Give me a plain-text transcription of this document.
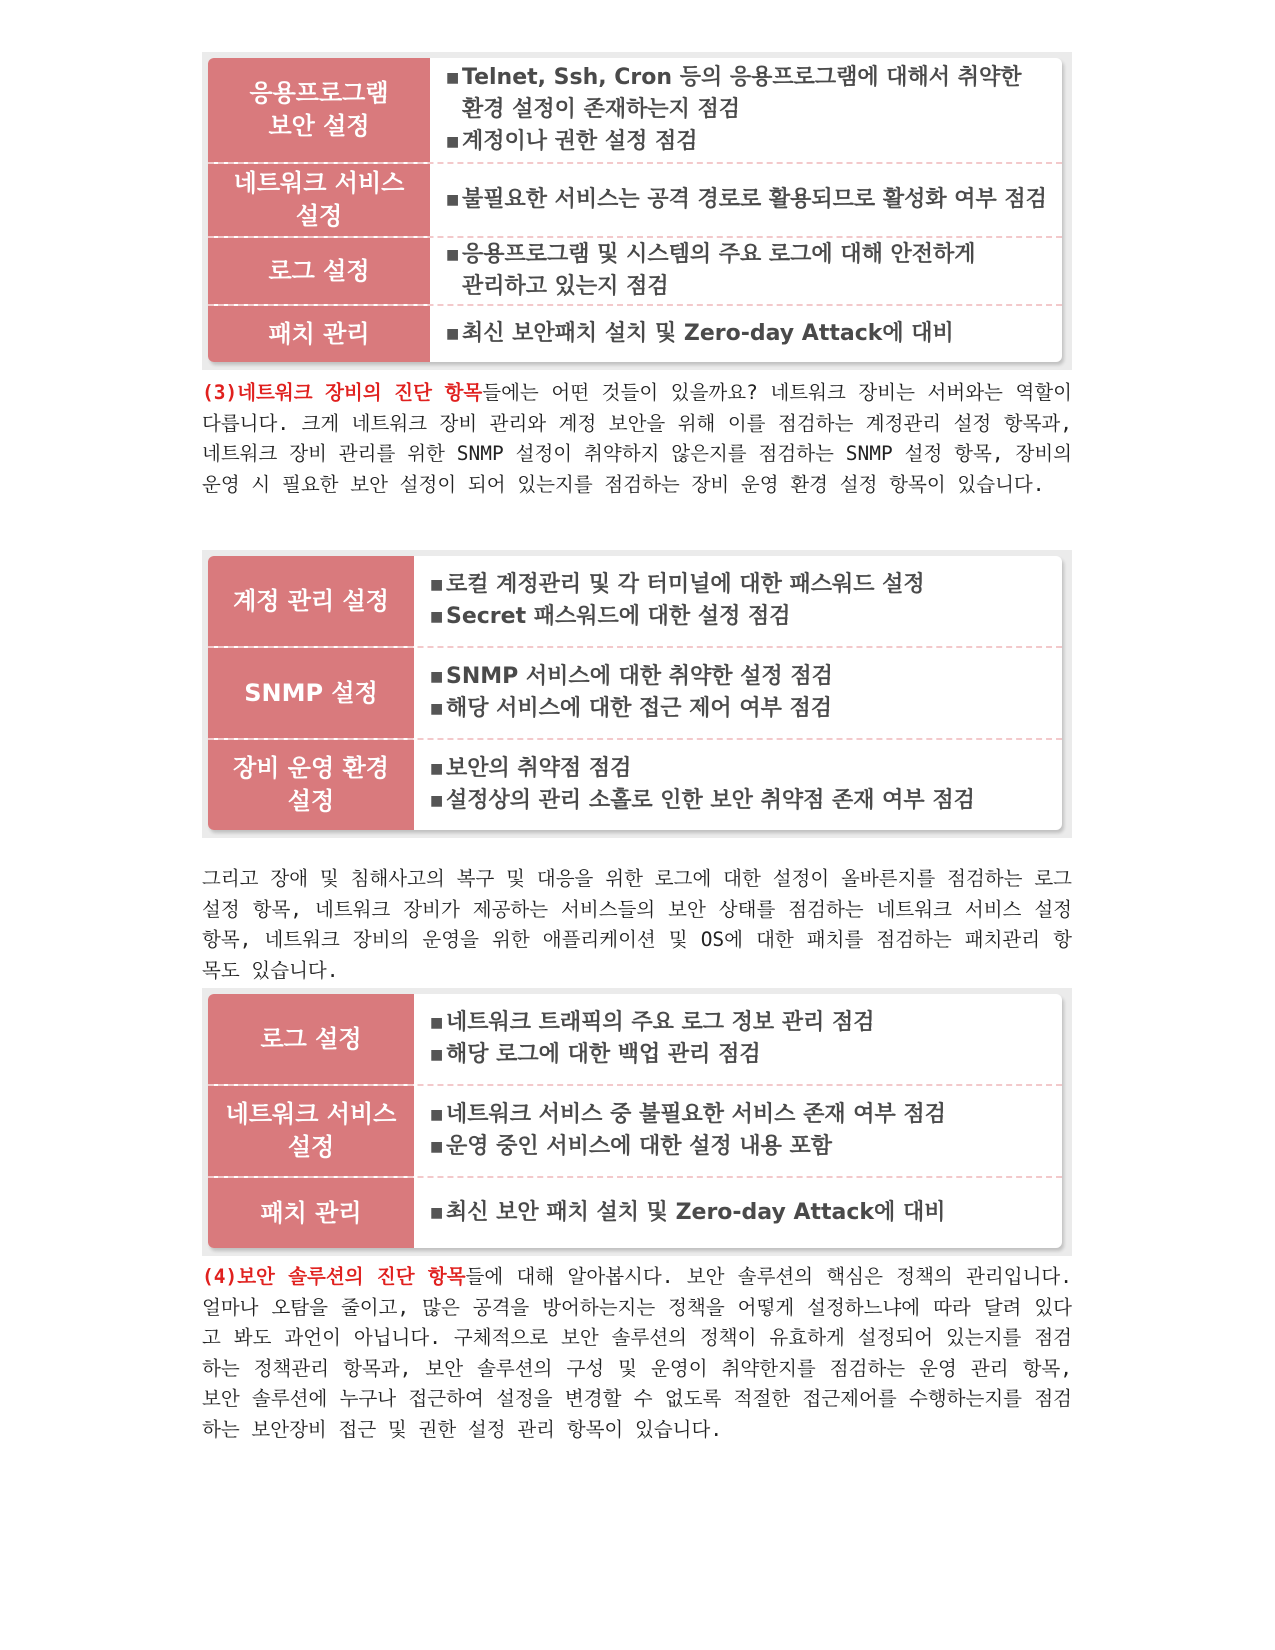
응용프로그램
보안 설정
■ Telnet, Ssh, Cron 등의 응용프로그램에 대해서 취약한
환경 설정이 존재하는지 점검
■ 계정이나 권한 설정 점검
네트워크 서비스
설정
■ 불필요한 서비스는 공격 경로로 활용되므로 활성화 여부 점검
로그 설정
■ 응용프로그램 및 시스템의 주요 로그에 대해 안전하게
관리하고 있는지 점검
패치 관리	■ 최신 보안패치 설치 및 Zero-day Attack에 대비

(3)네트워크 장비의 진단 항목들에는 어떤 것들이 있을까요? 네트워크 장비는 서버와는 역할이 다릅니다. 크게 네트워크 장비 관리와 계정 보안을 위해 이를 점검하는 계정관리 설정 항목과, 네트워크 장비 관리를 위한 SNMP 설정이 취약하지 않은지를 점검하는 SNMP 설정 항목, 장비의 운영 시 필요한 보안 설정이 되어 있는지를 점검하는 장비 운영 환경 설정 항목이 있습니다.

계정 관리 설정
■ 로컬 계정관리 및 각 터미널에 대한 패스워드 설정
■ Secret 패스워드에 대한 설정 점검
SNMP 설정
■ SNMP 서비스에 대한 취약한 설정 점검
■ 해당 서비스에 대한 접근 제어 여부 점검
장비 운영 환경
설정
■ 보안의 취약점 점검
■ 설정상의 관리 소홀로 인한 보안 취약점 존재 여부 점검

그리고 장애 및 침해사고의 복구 및 대응을 위한 로그에 대한 설정이 올바른지를 점검하는 로그 설정 항목, 네트워크 장비가 제공하는 서비스들의 보안 상태를 점검하는 네트워크 서비스 설정 항목, 네트워크 장비의 운영을 위한 애플리케이션 및 OS에 대한 패치를 점검하는 패치관리 항목도 있습니다.

로그 설정
■ 네트워크 트래픽의 주요 로그 정보 관리 점검
■ 해당 로그에 대한 백업 관리 점검
네트워크 서비스
설정
■ 네트워크 서비스 중 불필요한 서비스 존재 여부 점검
■ 운영 중인 서비스에 대한 설정 내용 포함
패치 관리	■ 최신 보안 패치 설치 및 Zero-day Attack에 대비

(4)보안 솔루션의 진단 항목들에 대해 알아봅시다. 보안 솔루션의 핵심은 정책의 관리입니다. 얼마나 오탐을 줄이고, 많은 공격을 방어하는지는 정책을 어떻게 설정하느냐에 따라 달려 있다고 봐도 과언이 아닙니다. 구체적으로 보안 솔루션의 정책이 유효하게 설정되어 있는지를 점검하는 정책관리 항목과, 보안 솔루션의 구성 및 운영이 취약한지를 점검하는 운영 관리 항목, 보안 솔루션에 누구나 접근하여 설정을 변경할 수 없도록 적절한 접근제어를 수행하는지를 점검하는 보안장비 접근 및 권한 설정 관리 항목이 있습니다.
